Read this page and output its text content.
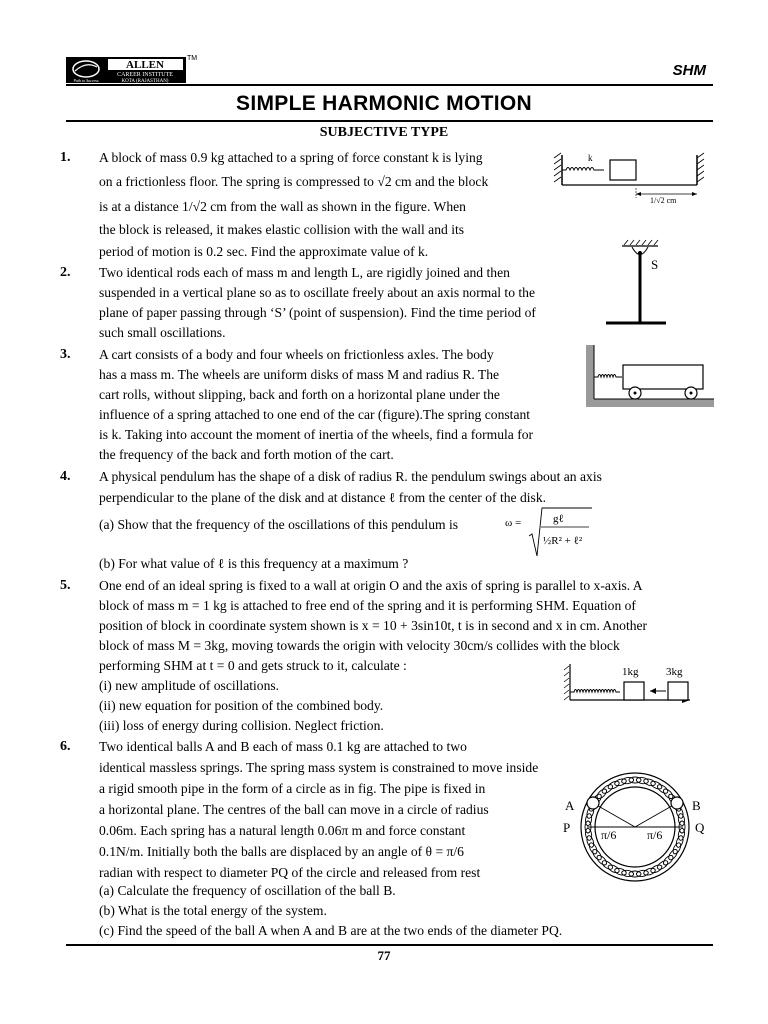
ALLEN
CAREER INSTITUTE
KOTA (RAJASTHAN)
Path to Success
TM
SHM
SIMPLE HARMONIC MOTION
SUBJECTIVE TYPE
1. A block of mass 0.9 kg attached to a spring of force constant k is lying
on a frictionless floor. The spring is compressed to √2 cm and the block
is at a distance 1/√2 cm from the wall as shown in the figure. When
the block is released, it makes elastic collision with the wall and its
period of motion is 0.2 sec. Find the approximate value of k.
k
1/√2 cm
2. Two identical rods each of mass m and length L, are rigidly joined and then
suspended in a vertical plane so as to oscillate freely about an axis normal to the
plane of paper passing through ‘S’ (point of suspension). Find the time period of
such small oscillations.
S
3. A cart consists of a body and four wheels on frictionless axles. The body
has a mass m. The wheels are uniform disks of mass M and radius R. The
cart rolls, without slipping, back and forth on a horizontal plane under the
influence of a spring attached to one end of the car (figure).The spring constant
is k. Taking into account the moment of inertia of the wheels, find a formula for
the frequency of the back and forth motion of the cart.
4. A physical pendulum has the shape of a disk of radius R. the pendulum swings about an axis
perpendicular to the plane of the disk and at distance ℓ from the center of the disk.
(a) Show that the frequency of the oscillations of this pendulum is	ω =	gℓ
½R² + ℓ²
(b) For what value of ℓ is this frequency at a maximum ?
5. One end of an ideal spring is fixed to a wall at origin O and the axis of spring is parallel to x-axis. A
block of mass m = 1 kg is attached to free end of the spring and it is performing SHM. Equation of
position of block in coordinate system shown is x = 10 + 3sin10t, t is in second and x in cm. Another
block of mass M = 3kg, moving towards the origin with velocity 30cm/s collides with the block
performing SHM at t = 0 and gets struck to it, calculate :
(i) new amplitude of oscillations.
(ii) new equation for position of the combined body.
(iii) loss of energy during collision. Neglect friction.
1kg	3kg
6. Two identical balls A and B each of mass 0.1 kg are attached to two
identical massless springs. The spring mass system is constrained to move inside
a rigid smooth pipe in the form of a circle as in fig. The pipe is fixed in
a horizontal plane. The centres of the ball can move in a circle of radius
0.06m. Each spring has a natural length 0.06π m and force constant
0.1N/m. Initially both the balls are displaced by an angle of θ = π/6
radian with respect to diameter PQ of the circle and released from rest
(a) Calculate the frequency of oscillation of the ball B.
(b) What is the total energy of the system.
(c) Find the speed of the ball A when A and B are at the two ends of the diameter PQ.
A	B
P	Q
π/6	π/6
77
